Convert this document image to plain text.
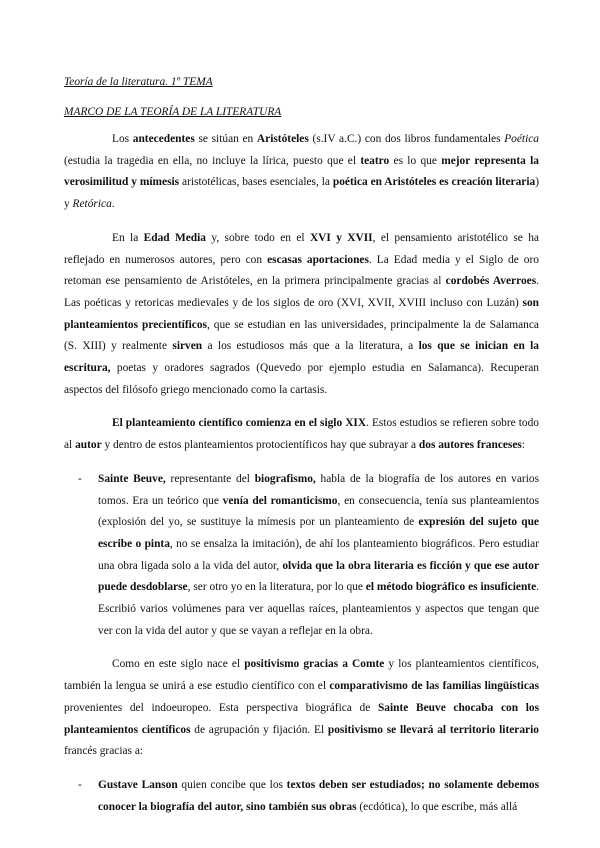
Teoría de la literatura. 1º TEMA

MARCO DE LA TEORÍA DE LA LITERATURA

Los antecedentes se sitúan en Aristóteles (s.IV a.C.) con dos libros fundamentales Poética (estudia la tragedia en ella, no incluye la lírica, puesto que el teatro es lo que mejor representa la verosimilitud y mímesis aristotélicas, bases esenciales, la poética en Aristóteles es creación literaria) y Retórica.

En la Edad Media y, sobre todo en el XVI y XVII, el pensamiento aristotélico se ha reflejado en numerosos autores, pero con escasas aportaciones. La Edad media y el Siglo de oro retoman ese pensamiento de Aristóteles, en la primera principalmente gracias al cordobés Averroes. Las poéticas y retoricas medievales y de los siglos de oro (XVI, XVII, XVIII incluso con Luzán) son planteamientos precientíficos, que se estudian en las universidades, principalmente la de Salamanca (S. XIII) y realmente sirven a los estudiosos más que a la literatura, a los que se inician en la escritura, poetas y oradores sagrados (Quevedo por ejemplo estudia en Salamanca). Recuperan aspectos del filósofo griego mencionado como la cartasis.

El planteamiento científico comienza en el siglo XIX. Estos estudios se refieren sobre todo al autor y dentro de estos planteamientos protocientíficos hay que subrayar a dos autores franceses:

- Sainte Beuve, representante del biografismo, habla de la biografía de los autores en varios tomos. Era un teórico que venía del romanticismo, en consecuencia, tenía sus planteamientos (explosión del yo, se sustituye la mímesis por un planteamiento de expresión del sujeto que escribe o pinta, no se ensalza la imitación), de ahí los planteamiento biográficos. Pero estudiar una obra ligada solo a la vida del autor, olvida que la obra literaria es ficción y que ese autor puede desdoblarse, ser otro yo en la literatura, por lo que el método biográfico es insuficiente. Escribió varios volúmenes para ver aquellas raíces, planteamientos y aspectos que tengan que ver con la vida del autor y que se vayan a reflejar en la obra.

Como en este siglo nace el positivismo gracias a Comte y los planteamientos científicos, también la lengua se unirá a ese estudio científico con el comparativismo de las familias lingüísticas provenientes del indoeuropeo. Esta perspectiva biográfica de Sainte Beuve chocaba con los planteamientos científicos de agrupación y fijación. El positivismo se llevará al territorio literario francés gracias a:

- Gustave Lanson quien concibe que los textos deben ser estudiados; no solamente debemos conocer la biografía del autor, sino también sus obras (ecdótica), lo que escribe, más allá
